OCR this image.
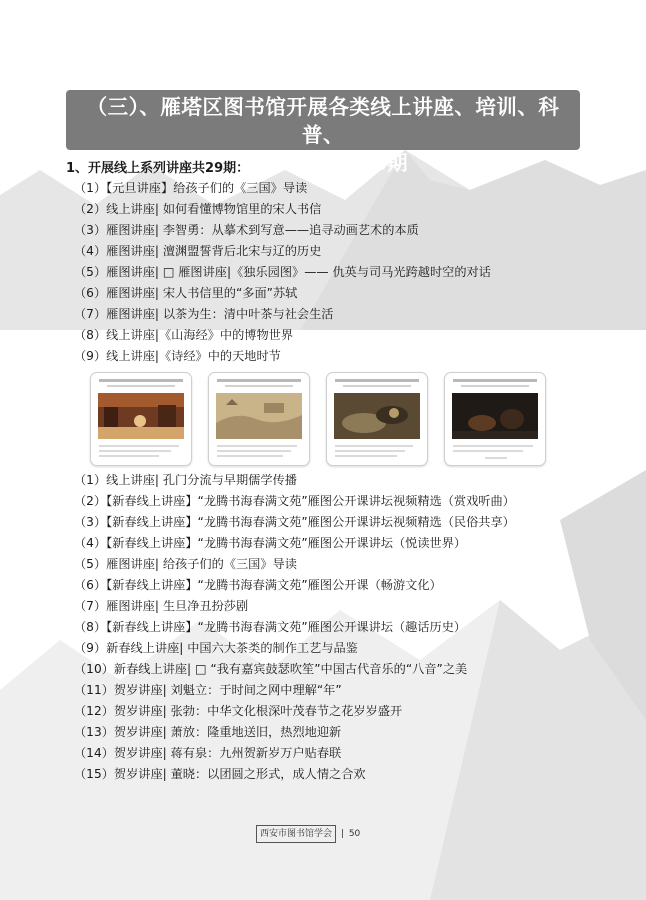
（三）、雁塔区图书馆开展各类线上讲座、培训、科普、
荐书等活动126期
1、开展线上系列讲座共29期：
（1）【元旦讲座】给孩子们的《三国》导读
（2）线上讲座| 如何看懂博物馆里的宋人书信
（3）雁图讲座| 李智勇：从摹术到写意——追寻动画艺术的本质
（4）雁图讲座| 澶渊盟誓背后北宋与辽的历史
（5）雁图讲座| □ 雁图讲座|《独乐园图》—— 仇英与司马光跨越时空的对话
（6）雁图讲座| 宋人书信里的“多面”苏轼
（7）雁图讲座| 以茶为生：清中叶茶与社会生活
（8）线上讲座|《山海经》中的博物世界
（9）线上讲座|《诗经》中的天地时节
（1）线上讲座| 孔门分流与早期儒学传播
（2）【新春线上讲座】“龙腾书海春满文苑”雁图公开课讲坛视频精选（赏戏听曲）
（3）【新春线上讲座】“龙腾书海春满文苑”雁图公开课讲坛视频精选（民俗共享）
（4）【新春线上讲座】“龙腾书海春满文苑”雁图公开课讲坛（悦读世界）
（5）雁图讲座| 给孩子们的《三国》导读
（6）【新春线上讲座】“龙腾书海春满文苑”雁图公开课（畅游文化）
（7）雁图讲座| 生旦净丑扮莎剧
（8）【新春线上讲座】“龙腾书海春满文苑”雁图公开课讲坛（趣话历史）
（9）新春线上讲座| 中国六大茶类的制作工艺与品鉴
（10）新春线上讲座| □ “我有嘉宾鼓瑟吹笙”中国古代音乐的“八音”之美
（11）贺岁讲座| 刘魁立：于时间之网中理解“年”
（12）贺岁讲座| 张勃：中华文化根深叶茂春节之花岁岁盛开
（13）贺岁讲座| 萧放：隆重地送旧，热烈地迎新
（14）贺岁讲座| 蒋有泉：九州贺新岁万户贴春联
（15）贺岁讲座| 董晓：以团圆之形式，成人情之合欢
西安市图书馆学会 | 50
